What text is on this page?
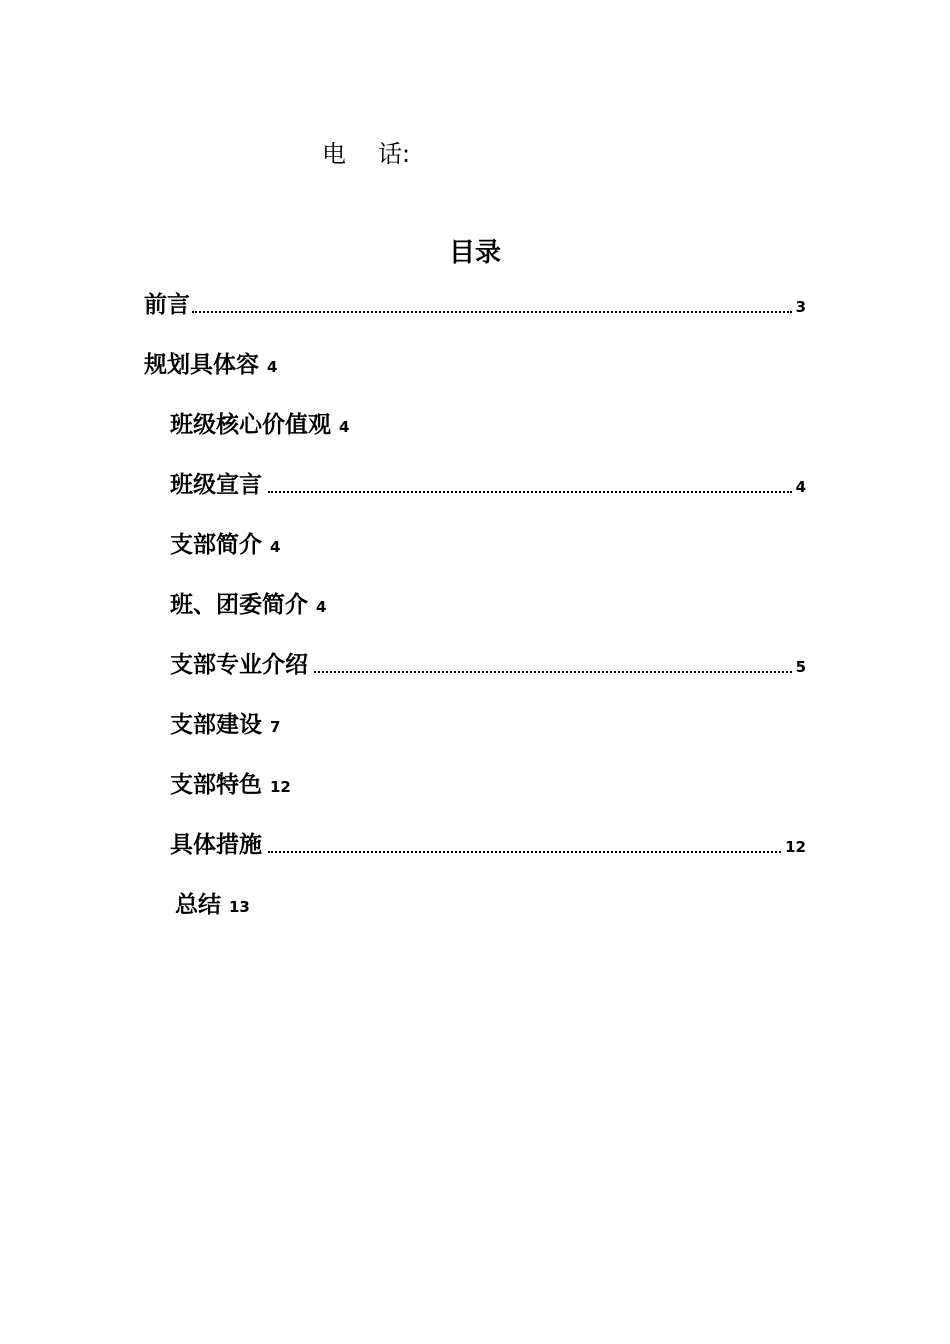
电 话:
目录
前言	3
规划具体容 4
班级核心价值观 4
班级宣言	4
支部简介 4
班、团委简介 4
支部专业介绍	5
支部建设 7
支部特色 12
具体措施	12
总结 13
